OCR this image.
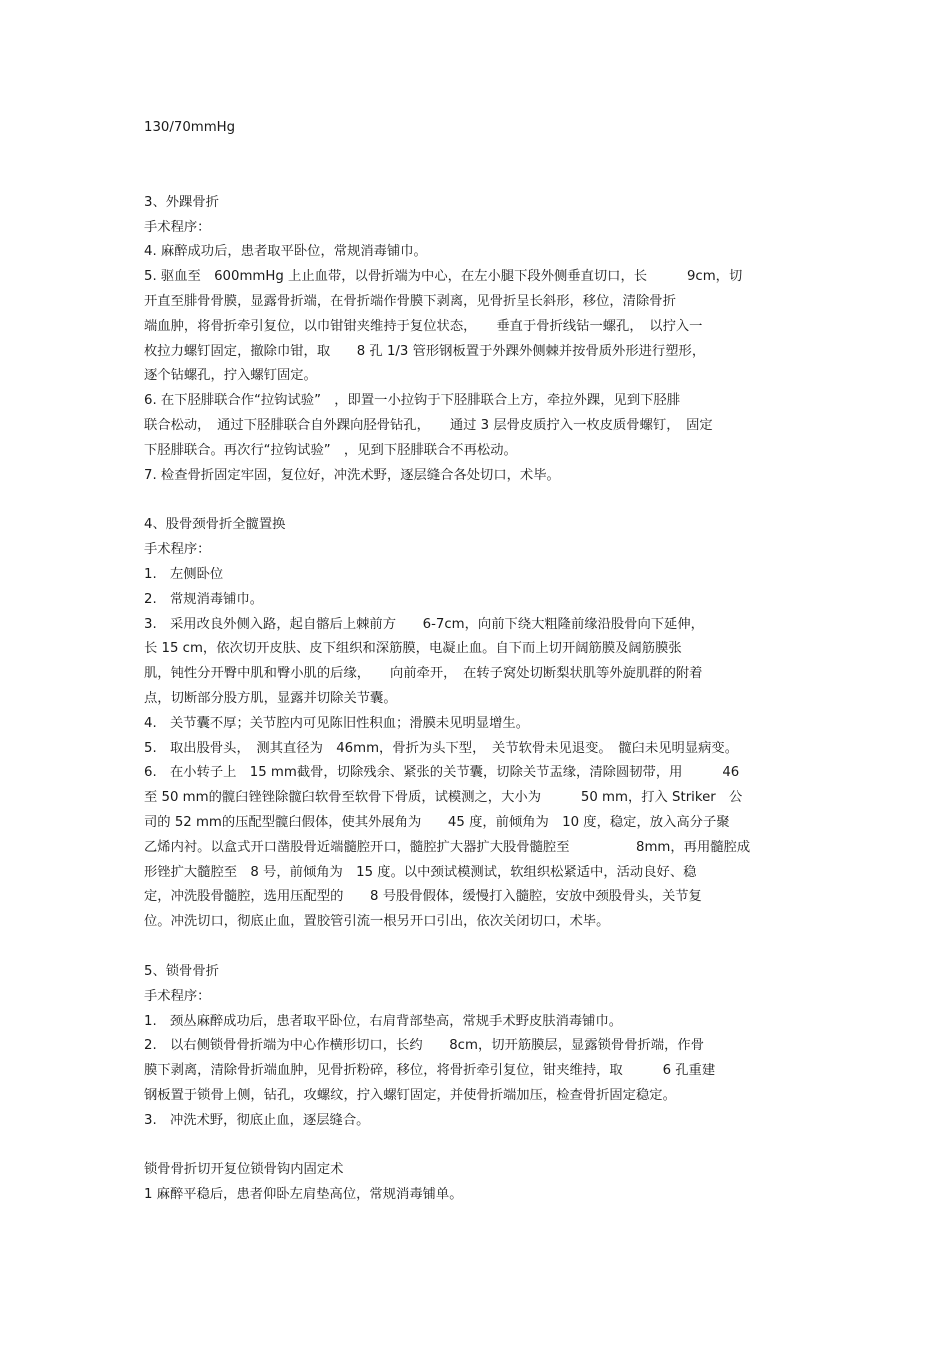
130/70mmHg

3、外踝骨折

手术程序：

4. 麻醉成功后，患者取平卧位，常规消毒铺巾。

5. 驱血至　600mmHg 上止血带，以骨折端为中心，在左小腿下段外侧垂直切口，长　　　9cm，切

开直至腓骨骨膜，显露骨折端，在骨折端作骨膜下剥离，见骨折呈长斜形，移位，清除骨折

端血肿，将骨折牵引复位，以巾钳钳夹维持于复位状态，　　垂直于骨折线钻一螺孔，　以拧入一

枚拉力螺钉固定，撤除巾钳，取　　8 孔 1/3 管形钢板置于外踝外侧棘并按骨质外形进行塑形，

逐个钻螺孔，拧入螺钉固定。

6. 在下胫腓联合作“拉钩试验”　，即置一小拉钩于下胫腓联合上方，牵拉外踝，见到下胫腓

联合松动，　通过下胫腓联合自外踝向胫骨钻孔，　　通过 3 层骨皮质拧入一枚皮质骨螺钉，　固定

下胫腓联合。再次行“拉钩试验”　，见到下胫腓联合不再松动。

7. 检查骨折固定牢固，复位好，冲洗术野，逐层缝合各处切口，术毕。

4、股骨颈骨折全髋置换

手术程序：

1.　左侧卧位

2.　常规消毒铺巾。

3.　采用改良外侧入路，起自髂后上棘前方　　6-7cm，向前下绕大粗隆前缘沿股骨向下延伸，

长 15 cm，依次切开皮肤、皮下组织和深筋膜，电凝止血。自下而上切开阔筋膜及阔筋膜张

肌，钝性分开臀中肌和臀小肌的后缘，　　向前牵开，　在转子窝处切断梨状肌等外旋肌群的附着

点，切断部分股方肌，显露并切除关节囊。

4.　关节囊不厚；关节腔内可见陈旧性积血；滑膜未见明显增生。

5.　取出股骨头，　测其直径为　46mm，骨折为头下型，　关节软骨未见退变。　髋臼未见明显病变。

6.　在小转子上　15 mm截骨，切除残余、紧张的关节囊，切除关节盂缘，清除圆韧带，用　　　46

至 50 mm的髋臼锉锉除髋臼软骨至软骨下骨质，试模测之，大小为　　　50 mm，打入 Striker　公

司的 52 mm的压配型髋臼假体，使其外展角为　　45 度，前倾角为　10 度，稳定，放入高分子聚

乙烯内衬。以盒式开口凿股骨近端髓腔开口，髓腔扩大器扩大股骨髓腔至　　　　　8mm，再用髓腔成

形锉扩大髓腔至　8 号，前倾角为　15 度。以中颈试模测试，软组织松紧适中，活动良好、稳

定，冲洗股骨髓腔，选用压配型的　　8 号股骨假体，缓慢打入髓腔，安放中颈股骨头，关节复

位。冲洗切口，彻底止血，置胶管引流一根另开口引出，依次关闭切口，术毕。

5、锁骨骨折

手术程序：

1.　颈丛麻醉成功后，患者取平卧位，右肩背部垫高，常规手术野皮肤消毒铺巾。

2.　以右侧锁骨骨折端为中心作横形切口，长约　　8cm，切开筋膜层，显露锁骨骨折端，作骨

膜下剥离，清除骨折端血肿，见骨折粉碎，移位，将骨折牵引复位，钳夹维持，取　　　6 孔重建

钢板置于锁骨上侧，钻孔，攻螺纹，拧入螺钉固定，并使骨折端加压，检查骨折固定稳定。

3.　冲洗术野，彻底止血，逐层缝合。

锁骨骨折切开复位锁骨钩内固定术

1 麻醉平稳后，患者仰卧左肩垫高位，常规消毒铺单。
